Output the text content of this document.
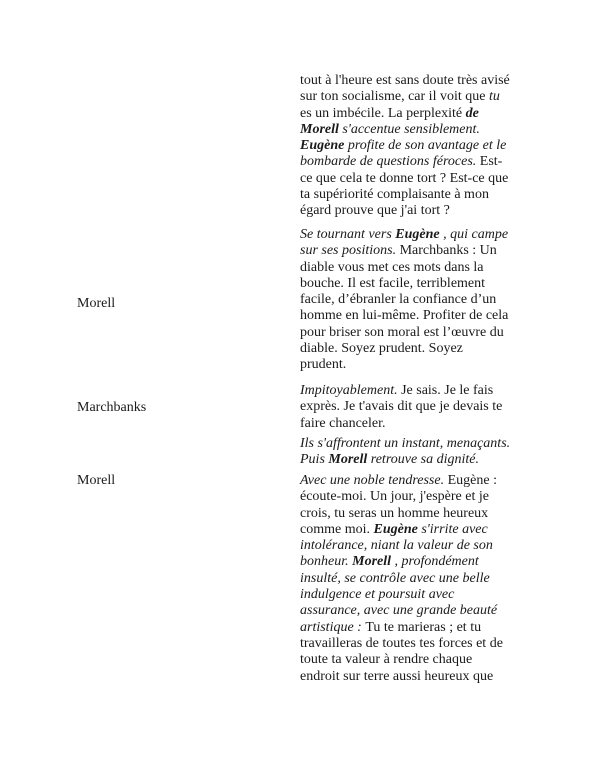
Morell
Marchbanks
Morell

tout à l'heure est sans doute très avisé

sur ton socialisme, car il voit que tu

es un imbécile. La perplexité de

Morell s'accentue sensiblement.

Eugène profite de son avantage et le

bombarde de questions féroces. Est-

ce que cela te donne tort ? Est-ce que

ta supériorité complaisante à mon

égard prouve que j'ai tort ?

Se tournant vers Eugène , qui campe

sur ses positions. Marchbanks : Un

diable vous met ces mots dans la

bouche. Il est facile, terriblement

facile, d’ébranler la confiance d’un

homme en lui-même. Profiter de cela

pour briser son moral est l’œuvre du

diable. Soyez prudent. Soyez

prudent.

Impitoyablement. Je sais. Je le fais

exprès. Je t'avais dit que je devais te

faire chanceler.

Ils s'affrontent un instant, menaçants.

Puis Morell retrouve sa dignité.

Avec une noble tendresse. Eugène :

écoute-moi. Un jour, j'espère et je

crois, tu seras un homme heureux

comme moi. Eugène s'irrite avec

intolérance, niant la valeur de son

bonheur. Morell , profondément

insulté, se contrôle avec une belle

indulgence et poursuit avec

assurance, avec une grande beauté

artistique : Tu te marieras ; et tu

travailleras de toutes tes forces et de

toute ta valeur à rendre chaque

endroit sur terre aussi heureux que
